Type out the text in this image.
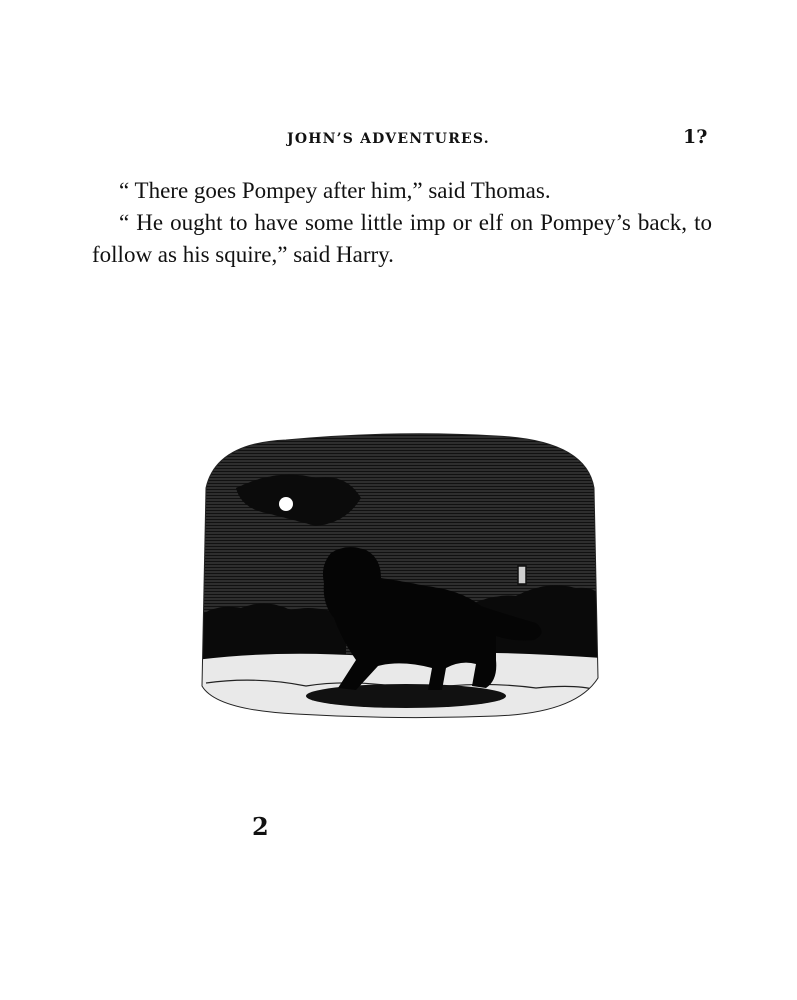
JOHN’S ADVENTURES.	1?

“ There goes Pompey after him,” said Thomas.

“ He ought to have some little imp or elf on Pompey’s back, to follow as his squire,” said Harry.

2
